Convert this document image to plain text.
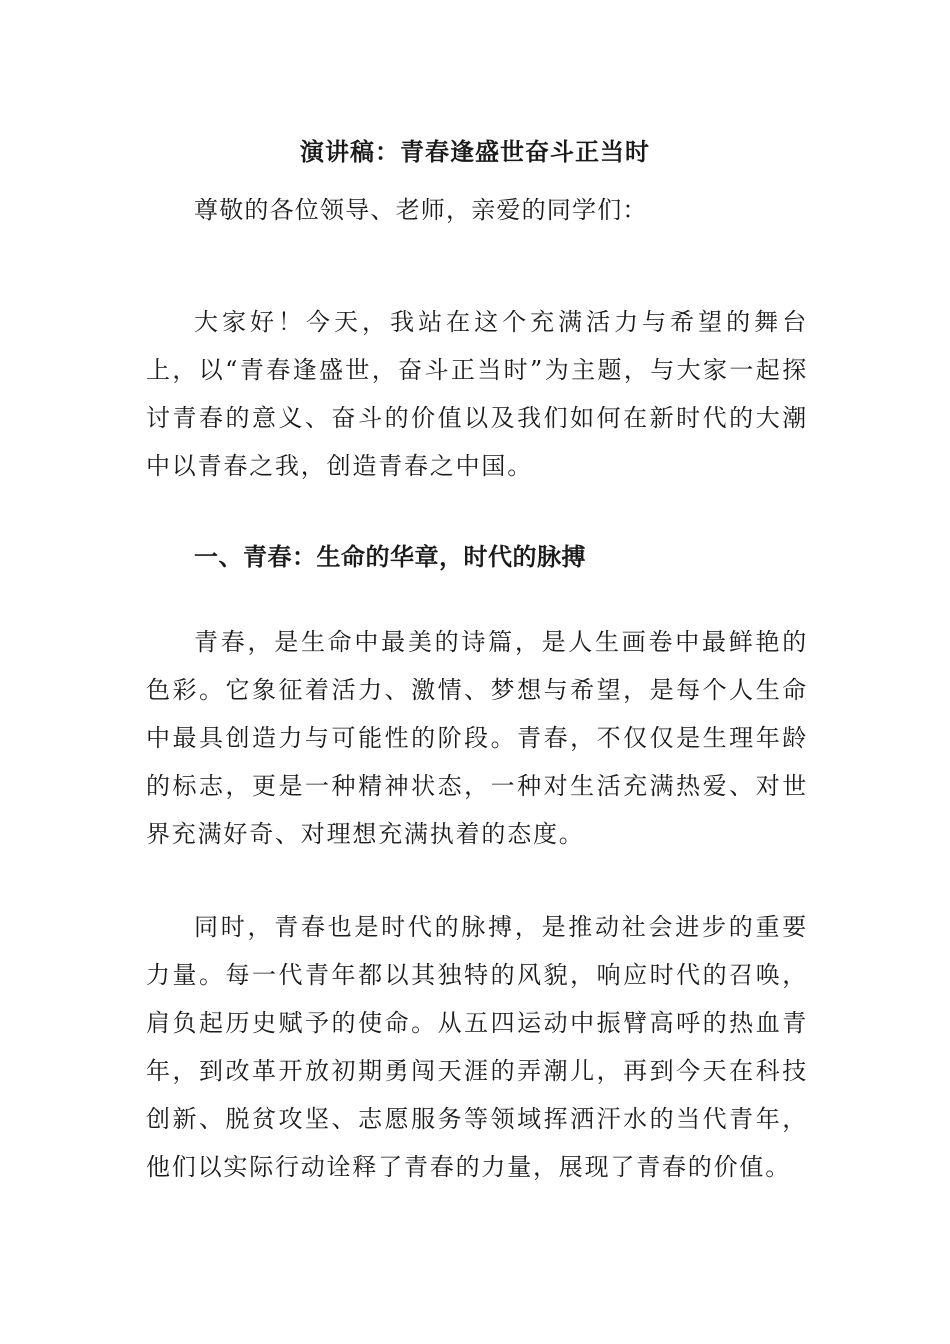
演讲稿：青春逢盛世奋斗正当时

尊敬的各位领导、老师，亲爱的同学们：

大家好！今天，我站在这个充满活力与希望的舞台上，以“青春逢盛世，奋斗正当时”为主题，与大家一起探讨青春的意义、奋斗的价值以及我们如何在新时代的大潮中以青春之我，创造青春之中国。

一、青春：生命的华章，时代的脉搏

青春，是生命中最美的诗篇，是人生画卷中最鲜艳的色彩。它象征着活力、激情、梦想与希望，是每个人生命中最具创造力与可能性的阶段。青春，不仅仅是生理年龄的标志，更是一种精神状态，一种对生活充满热爱、对世界充满好奇、对理想充满执着的态度。

同时，青春也是时代的脉搏，是推动社会进步的重要力量。每一代青年都以其独特的风貌，响应时代的召唤，肩负起历史赋予的使命。从五四运动中振臂高呼的热血青年，到改革开放初期勇闯天涯的弄潮儿，再到今天在科技创新、脱贫攻坚、志愿服务等领域挥洒汗水的当代青年，他们以实际行动诠释了青春的力量，展现了青春的价值。
